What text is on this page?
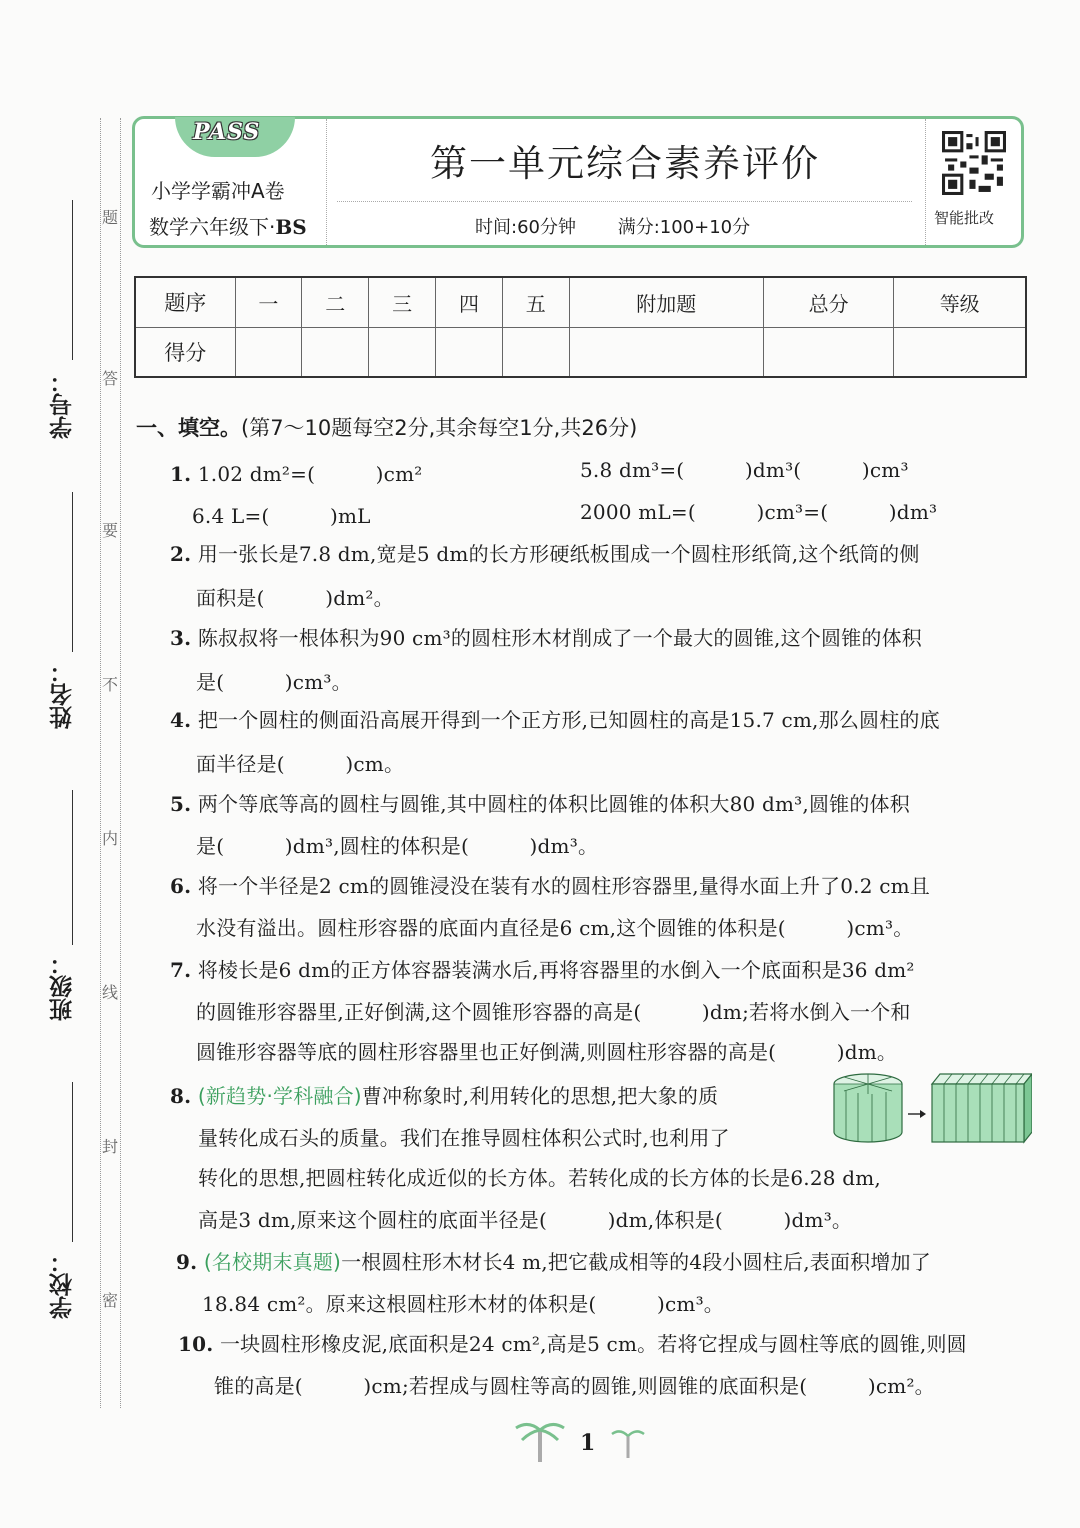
学号：
姓名：
班级：
学校：
题
答
要
不
内
线
封
密
PASS
小学学霸冲A卷
数学六年级下·BS
第一单元综合素养评价
时间:60分钟 满分:100+10分	智能批改
题序	一	二	三	四	五	附加题	总分	等级
得分								
一、填空。(第7～10题每空2分,其余每空1分,共26分)
1. 1.02 dm²=(　　　)cm²	5.8 dm³=(　　　)dm³(　　　)cm³
6.4 L=(　　　)mL	2000 mL=(　　　)cm³=(　　　)dm³
2. 用一张长是7.8 dm,宽是5 dm的长方形硬纸板围成一个圆柱形纸筒,这个纸筒的侧
面积是(　　　)dm²。
3. 陈叔叔将一根体积为90 cm³的圆柱形木材削成了一个最大的圆锥,这个圆锥的体积
是(　　　)cm³。
4. 把一个圆柱的侧面沿高展开得到一个正方形,已知圆柱的高是15.7 cm,那么圆柱的底
面半径是(　　　)cm。
5. 两个等底等高的圆柱与圆锥,其中圆柱的体积比圆锥的体积大80 dm³,圆锥的体积
是(　　　)dm³,圆柱的体积是(　　　)dm³。
6. 将一个半径是2 cm的圆锥浸没在装有水的圆柱形容器里,量得水面上升了0.2 cm且
水没有溢出。圆柱形容器的底面内直径是6 cm,这个圆锥的体积是(　　　)cm³。
7. 将棱长是6 dm的正方体容器装满水后,再将容器里的水倒入一个底面积是36 dm²
的圆锥形容器里,正好倒满,这个圆锥形容器的高是(　　　)dm;若将水倒入一个和
圆锥形容器等底的圆柱形容器里也正好倒满,则圆柱形容器的高是(　　　)dm。
8. (新趋势·学科融合)曹冲称象时,利用转化的思想,把大象的质
量转化成石头的质量。我们在推导圆柱体积公式时,也利用了
转化的思想,把圆柱转化成近似的长方体。若转化成的长方体的长是6.28 dm,
高是3 dm,原来这个圆柱的底面半径是(　　　)dm,体积是(　　　)dm³。
9. (名校期末真题)一根圆柱形木材长4 m,把它截成相等的4段小圆柱后,表面积增加了
18.84 cm²。原来这根圆柱形木材的体积是(　　　)cm³。
10. 一块圆柱形橡皮泥,底面积是24 cm²,高是5 cm。若将它捏成与圆柱等底的圆锥,则圆
锥的高是(　　　)cm;若捏成与圆柱等高的圆锥,则圆锥的底面积是(　　　)cm²。
1
